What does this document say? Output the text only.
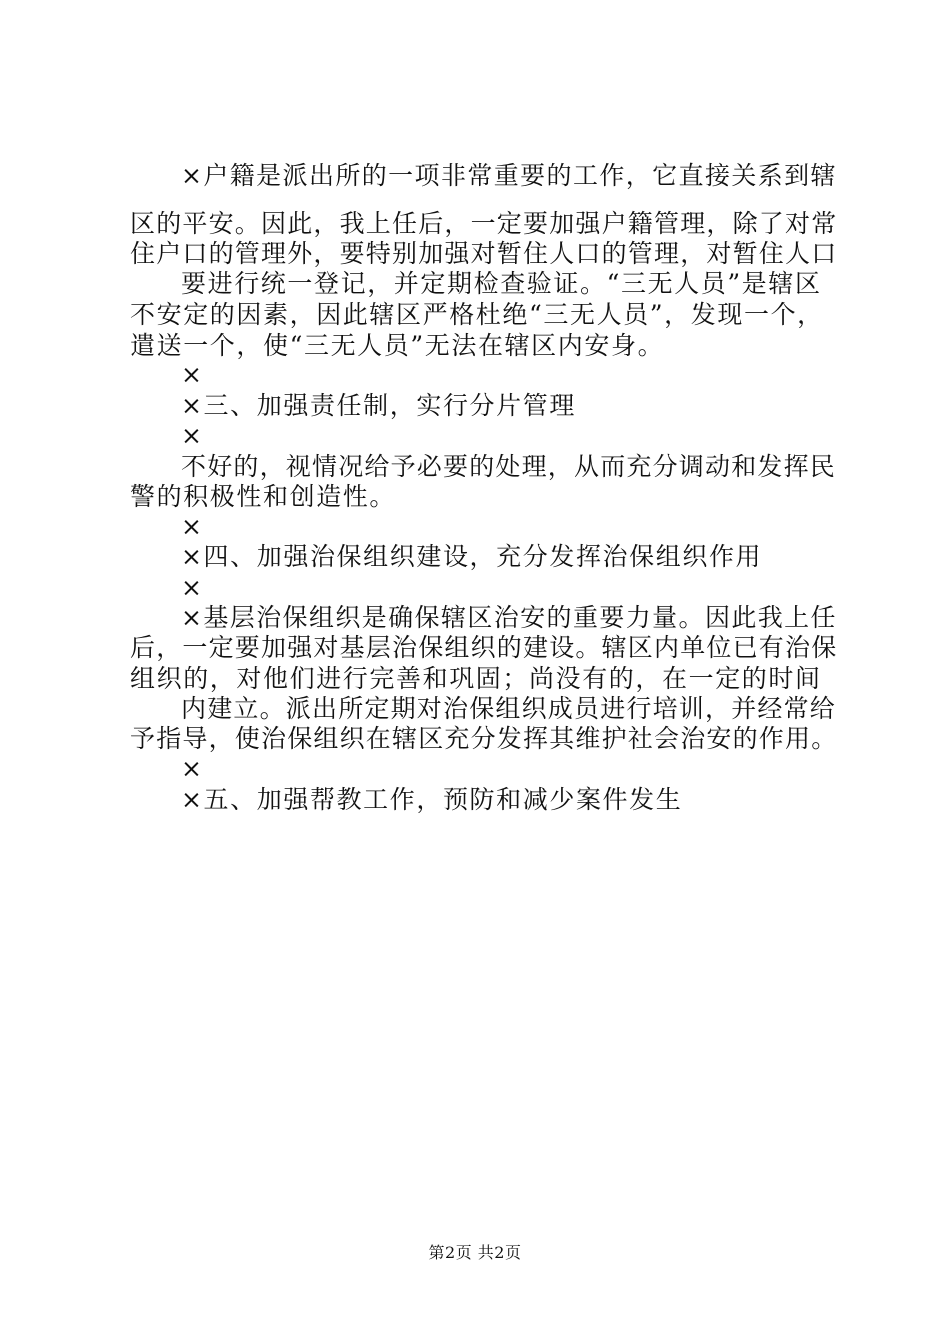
×户籍是派出所的一项非常重要的工作，它直接关系到辖
区的平安。因此，我上任后，一定要加强户籍管理，除了对常
住户口的管理外，要特别加强对暂住人口的管理，对暂住人口
要进行统一登记，并定期检查验证。“三无人员”是辖区
不安定的因素，因此辖区严格杜绝“三无人员”，发现一个，
遣送一个，使“三无人员”无法在辖区内安身。
×
×三、加强责任制，实行分片管理
×
不好的，视情况给予必要的处理，从而充分调动和发挥民
警的积极性和创造性。
×
×四、加强治保组织建设，充分发挥治保组织作用
×
×基层治保组织是确保辖区治安的重要力量。因此我上任
后，一定要加强对基层治保组织的建设。辖区内单位已有治保
组织的，对他们进行完善和巩固；尚没有的，在一定的时间
内建立。派出所定期对治保组织成员进行培训，并经常给
予指导，使治保组织在辖区充分发挥其维护社会治安的作用。
×
×五、加强帮教工作，预防和减少案件发生
第2页 共2页
